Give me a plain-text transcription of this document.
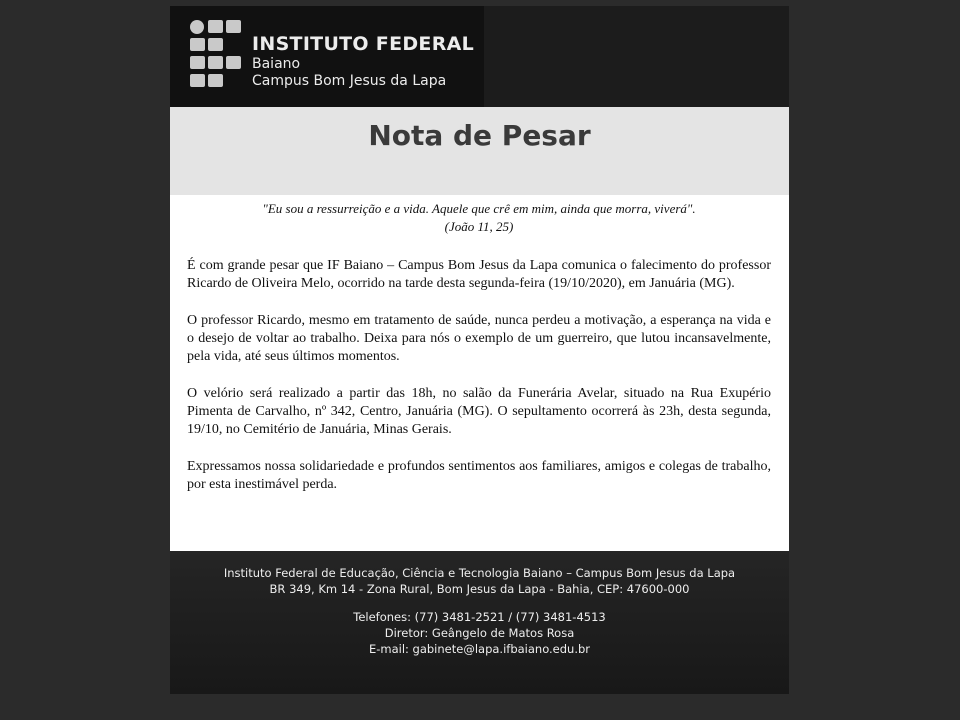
INSTITUTO FEDERAL
Baiano
Campus Bom Jesus da Lapa
Nota de Pesar
"Eu sou a ressurreição e a vida. Aquele que crê em mim, ainda que morra, viverá".
(João 11, 25)

É com grande pesar que IF Baiano – Campus Bom Jesus da Lapa comunica o falecimento do professor Ricardo de Oliveira Melo, ocorrido na tarde desta segunda-feira (19/10/2020), em Januária (MG).

O professor Ricardo, mesmo em tratamento de saúde, nunca perdeu a motivação, a esperança na vida e o desejo de voltar ao trabalho. Deixa para nós o exemplo de um guerreiro, que lutou incansavelmente, pela vida, até seus últimos momentos.

O velório será realizado a partir das 18h, no salão da Funerária Avelar, situado na Rua Exupério Pimenta de Carvalho, nº 342, Centro, Januária (MG). O sepultamento ocorrerá às 23h, desta segunda, 19/10, no Cemitério de Januária, Minas Gerais.

Expressamos nossa solidariedade e profundos sentimentos aos familiares, amigos e colegas de trabalho, por esta inestimável perda.

Instituto Federal de Educação, Ciência e Tecnologia Baiano – Campus Bom Jesus da Lapa
BR 349, Km 14 - Zona Rural, Bom Jesus da Lapa - Bahia, CEP: 47600-000
Telefones: (77) 3481-2521 / (77) 3481-4513
Diretor: Geângelo de Matos Rosa
E-mail: gabinete@lapa.ifbaiano.edu.br
